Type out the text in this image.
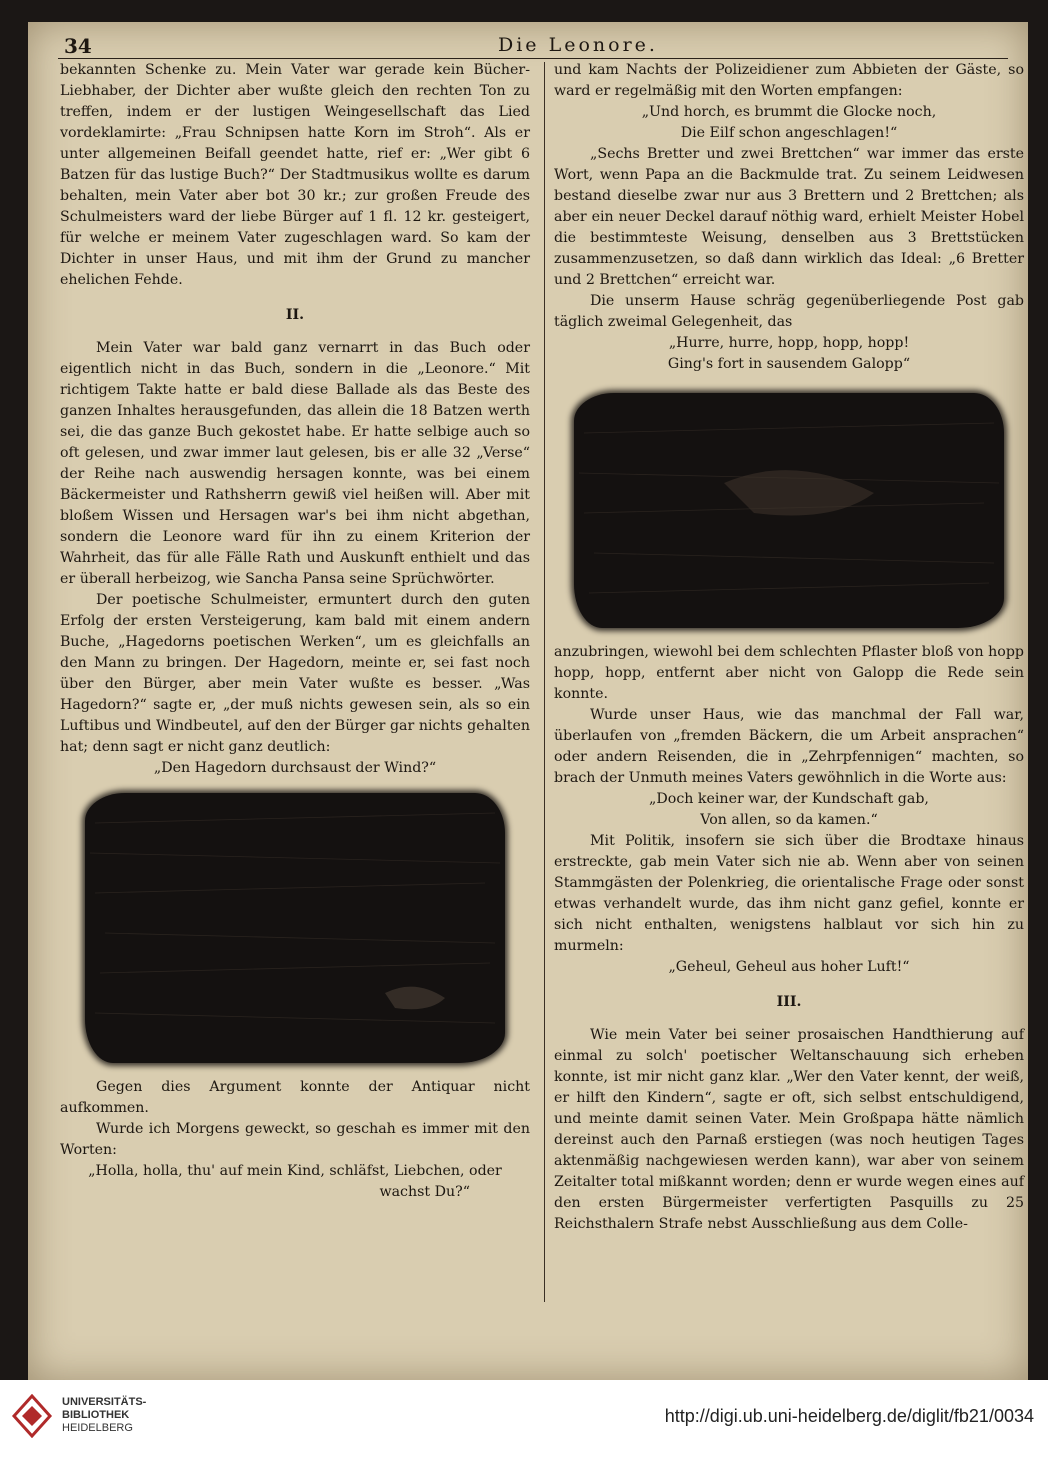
34	Die Leonore.

bekannten Schenke zu. Mein Vater war gerade kein Bücher-Liebhaber, der Dichter aber wußte gleich den rechten Ton zu treffen, indem er der lustigen Weingesellschaft das Lied vordeklamirte: „Frau Schnipsen hatte Korn im Stroh“. Als er unter allgemeinen Beifall geendet hatte, rief er: „Wer gibt 6 Batzen für das lustige Buch?“ Der Stadtmusikus wollte es darum behalten, mein Vater aber bot 30 kr.; zur großen Freude des Schulmeisters ward der liebe Bürger auf 1 fl. 12 kr. gesteigert, für welche er meinem Vater zugeschlagen ward. So kam der Dichter in unser Haus, und mit ihm der Grund zu mancher ehelichen Fehde.

II.

Mein Vater war bald ganz vernarrt in das Buch oder eigentlich nicht in das Buch, sondern in die „Leonore.“ Mit richtigem Takte hatte er bald diese Ballade als das Beste des ganzen Inhaltes herausgefunden, das allein die 18 Batzen werth sei, die das ganze Buch gekostet habe. Er hatte selbige auch so oft gelesen, und zwar immer laut gelesen, bis er alle 32 „Verse“ der Reihe nach auswendig hersagen konnte, was bei einem Bäckermeister und Rathsherrn gewiß viel heißen will. Aber mit bloßem Wissen und Hersagen war's bei ihm nicht abgethan, sondern die Leonore ward für ihn zu einem Kriterion der Wahrheit, das für alle Fälle Rath und Auskunft enthielt und das er überall herbeizog, wie Sancha Pansa seine Sprüchwörter.

Der poetische Schulmeister, ermuntert durch den guten Erfolg der ersten Versteigerung, kam bald mit einem andern Buche, „Hagedorns poetischen Werken“, um es gleichfalls an den Mann zu bringen. Der Hagedorn, meinte er, sei fast noch über den Bürger, aber mein Vater wußte es besser. „Was Hagedorn?“ sagte er, „der muß nichts gewesen sein, als so ein Luftibus und Windbeutel, auf den der Bürger gar nichts gehalten hat; denn sagt er nicht ganz deutlich:

„Den Hagedorn durchsaust der Wind?“

Gegen dies Argument konnte der Antiquar nicht aufkommen.

Wurde ich Morgens geweckt, so geschah es immer mit den Worten:

„Holla, holla, thu' auf mein Kind, schläfst, Liebchen, oder

wachst Du?“

und kam Nachts der Polizeidiener zum Abbieten der Gäste, so ward er regelmäßig mit den Worten empfangen:

„Und horch, es brummt die Glocke noch,

Die Eilf schon angeschlagen!“

„Sechs Bretter und zwei Brettchen“ war immer das erste Wort, wenn Papa an die Backmulde trat. Zu seinem Leidwesen bestand dieselbe zwar nur aus 3 Brettern und 2 Brettchen; als aber ein neuer Deckel darauf nöthig ward, erhielt Meister Hobel die bestimmteste Weisung, denselben aus 3 Brettstücken zusammenzusetzen, so daß dann wirklich das Ideal: „6 Bretter und 2 Brettchen“ erreicht war.

Die unserm Hause schräg gegenüberliegende Post gab täglich zweimal Gelegenheit, das

„Hurre, hurre, hopp, hopp, hopp!

Ging's fort in sausendem Galopp“

anzubringen, wiewohl bei dem schlechten Pflaster bloß von hopp hopp, hopp, entfernt aber nicht von Galopp die Rede sein konnte.

Wurde unser Haus, wie das manchmal der Fall war, überlaufen von „fremden Bäckern, die um Arbeit ansprachen“ oder andern Reisenden, die in „Zehrpfennigen“ machten, so brach der Unmuth meines Vaters gewöhnlich in die Worte aus:

„Doch keiner war, der Kundschaft gab,

Von allen, so da kamen.“

Mit Politik, insofern sie sich über die Brodtaxe hinaus erstreckte, gab mein Vater sich nie ab. Wenn aber von seinen Stammgästen der Polenkrieg, die orientalische Frage oder sonst etwas verhandelt wurde, das ihm nicht ganz gefiel, konnte er sich nicht enthalten, wenigstens halblaut vor sich hin zu murmeln:

„Geheul, Geheul aus hoher Luft!“

III.

Wie mein Vater bei seiner prosaischen Handthierung auf einmal zu solch' poetischer Weltanschauung sich erheben konnte, ist mir nicht ganz klar. „Wer den Vater kennt, der weiß, er hilft den Kindern“, sagte er oft, sich selbst entschuldigend, und meinte damit seinen Vater. Mein Großpapa hätte nämlich dereinst auch den Parnaß erstiegen (was noch heutigen Tages aktenmäßig nachgewiesen werden kann), war aber von seinem Zeitalter total mißkannt worden; denn er wurde wegen eines auf den ersten Bürgermeister verfertigten Pasquills zu 25 Reichsthalern Strafe nebst Ausschließung aus dem Colle-

UNIVERSITÄTS-
BIBLIOTHEK
HEIDELBERG
http://digi.ub.uni-heidelberg.de/diglit/fb21/0034
